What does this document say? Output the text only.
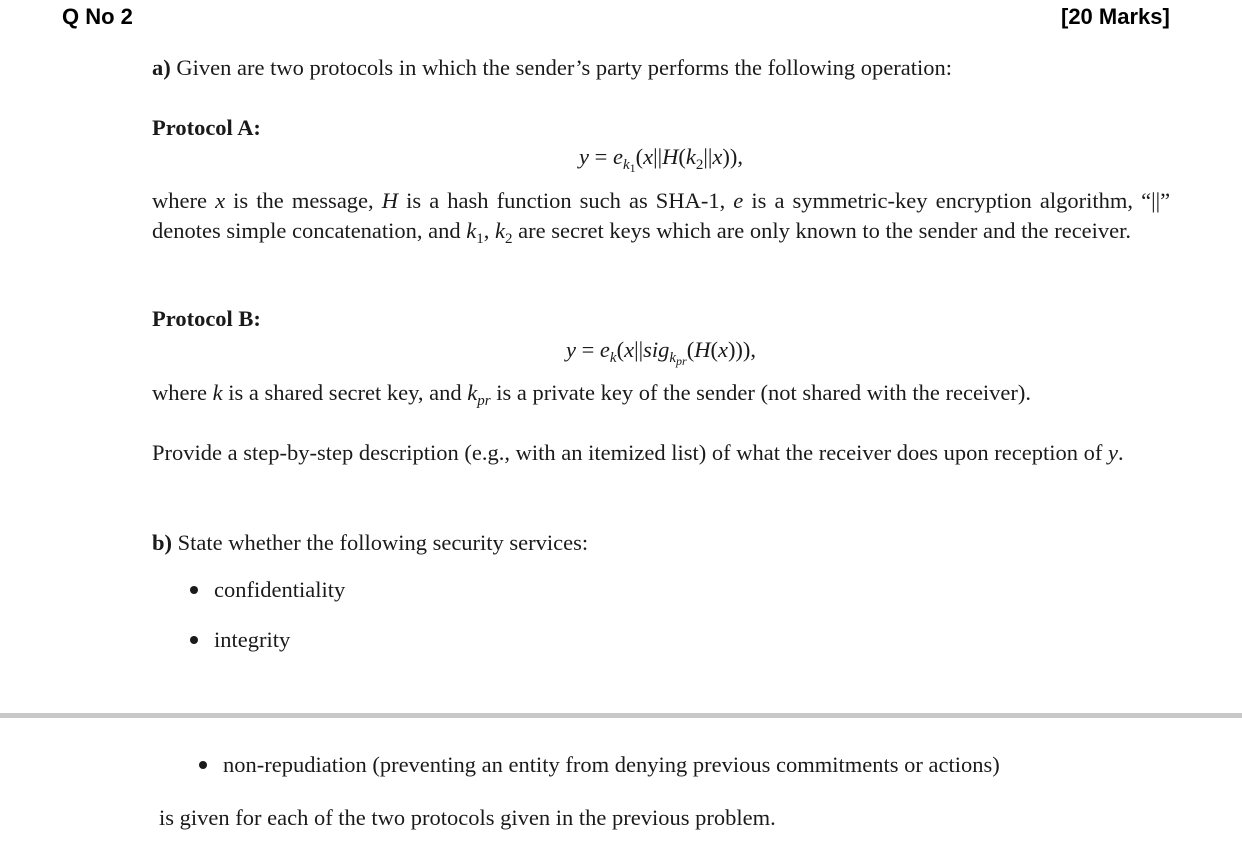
Q No 2	[20 Marks]
a) Given are two protocols in which the sender’s party performs the following operation:
Protocol A:
$y = e_{k_1}(x||H(k_2||x))$,
where x is the message, H is a hash function such as SHA-1, e is a symmetric-key encryption algorithm, “||” denotes simple concatenation, and $k_1$, $k_2$ are secret keys which are only known to the sender and the receiver.
Protocol B:
$y = e_k(x||sig_{k_{pr}}(H(x)))$,
where k is a shared secret key, and $k_{pr}$ is a private key of the sender (not shared with the receiver).
Provide a step-by-step description (e.g., with an itemized list) of what the receiver does upon reception of y.
b) State whether the following security services:
confidentiality
integrity
non-repudiation (preventing an entity from denying previous commitments or actions)
is given for each of the two protocols given in the previous problem.
